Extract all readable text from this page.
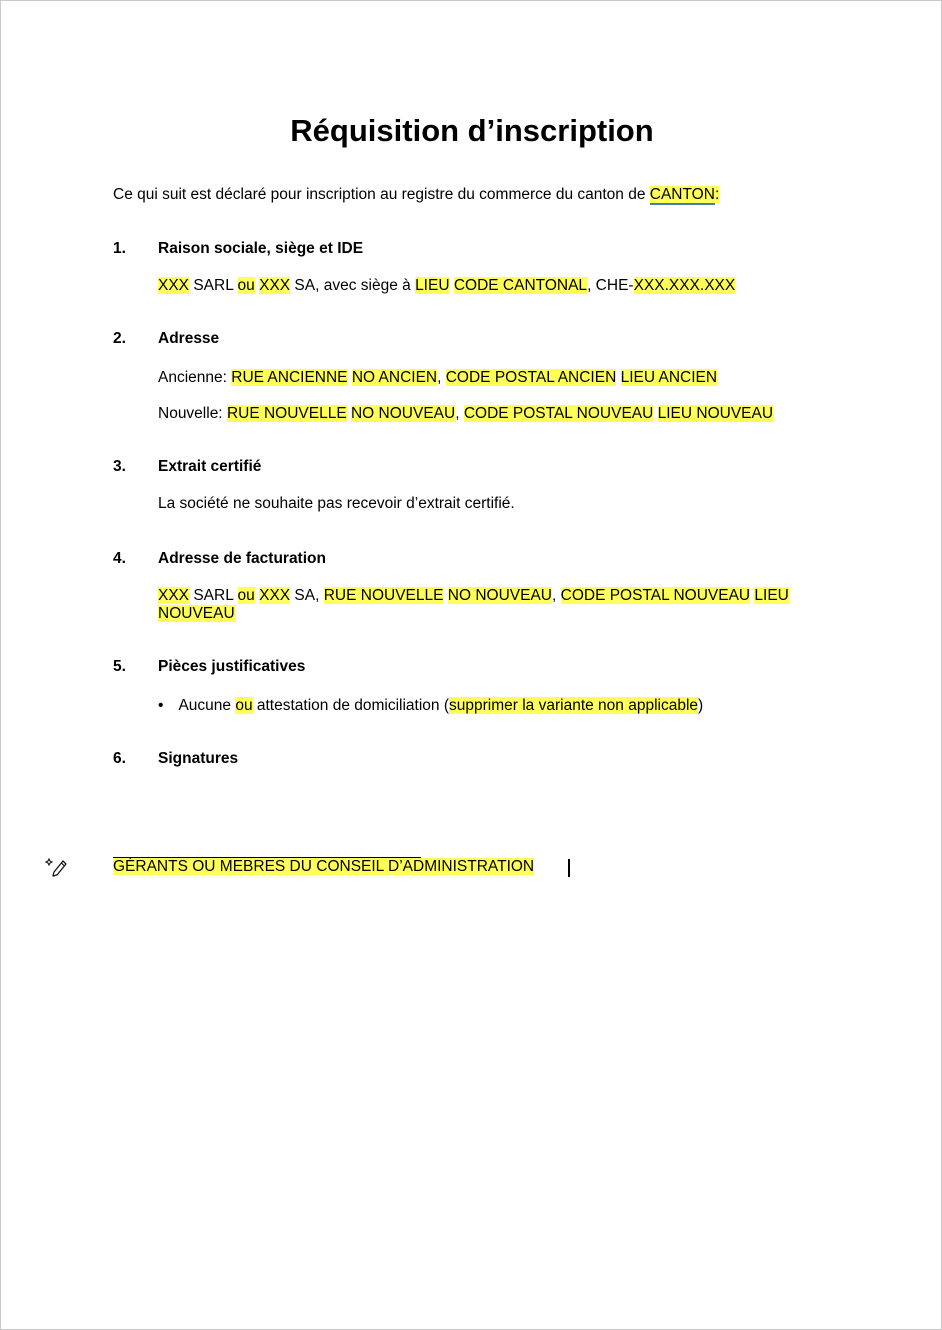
Réquisition d’inscription
Ce qui suit est déclaré pour inscription au registre du commerce du canton de CANTON:
1. Raison sociale, siège et IDE
XXX SARL ou XXX SA, avec siège à LIEU CODE CANTONAL, CHE-XXX.XXX.XXX
2. Adresse
Ancienne: RUE ANCIENNE NO ANCIEN, CODE POSTAL ANCIEN LIEU ANCIEN
Nouvelle: RUE NOUVELLE NO NOUVEAU, CODE POSTAL NOUVEAU LIEU NOUVEAU
3. Extrait certifié
La société ne souhaite pas recevoir d’extrait certifié.
4. Adresse de facturation
XXX SARL ou XXX SA, RUE NOUVELLE NO NOUVEAU, CODE POSTAL NOUVEAU LIEU NOUVEAU
5. Pièces justificatives
• Aucune ou attestation de domiciliation (supprimer la variante non applicable)
6. Signatures
GÉRANTS OU MEBRES DU CONSEIL D’ADMINISTRATION
